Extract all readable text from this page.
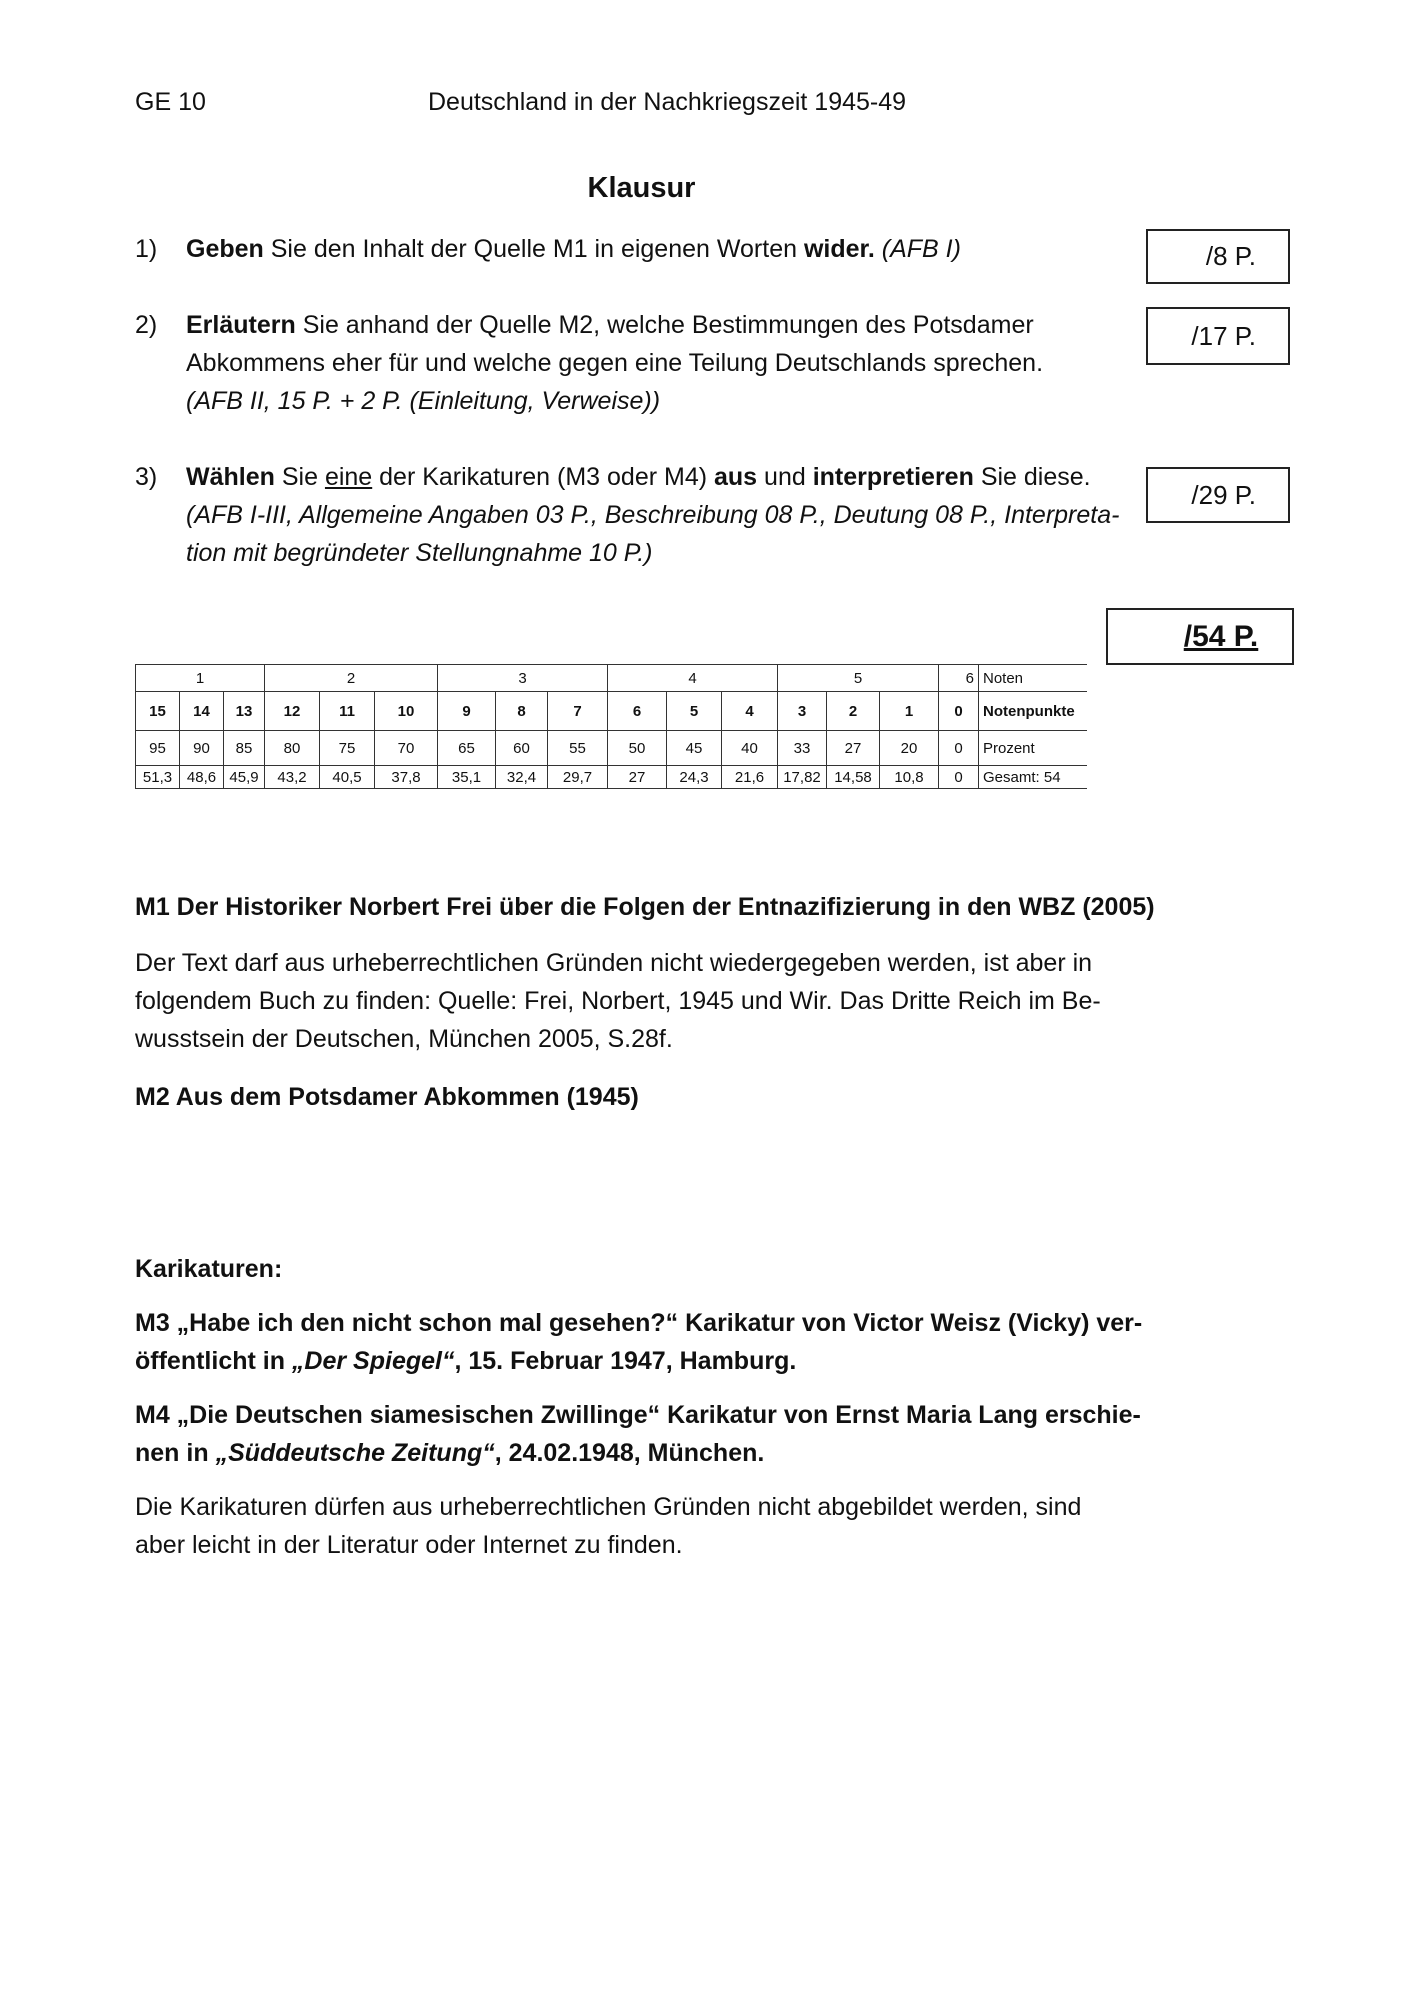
GE 10	Deutschland in der Nachkriegszeit 1945-49
Klausur
1) Geben Sie den Inhalt der Quelle M1 in eigenen Worten wider. (AFB I)	/8 P.
2) Erläutern Sie anhand der Quelle M2, welche Bestimmungen des Potsdamer
Abkommens eher für und welche gegen eine Teilung Deutschlands sprechen.
(AFB II, 15 P. + 2 P. (Einleitung, Verweise))
/17 P.
3) Wählen Sie eine der Karikaturen (M3 oder M4) aus und interpretieren Sie diese.
(AFB I-III, Allgemeine Angaben 03 P., Beschreibung 08 P., Deutung 08 P., Interpreta-
tion mit begründeter Stellungnahme 10 P.)
/29 P.
/54 P.
1			2			3			4			5			6	Noten
15	14	13	12	11	10	9	8	7	6	5	4	3	2	1	0	Notenpunkte
95	90	85	80	75	70	65	60	55	50	45	40	33	27	20	0	Prozent
51,3	48,6	45,9	43,2	40,5	37,8	35,1	32,4	29,7	27	24,3	21,6	17,82	14,58	10,8	0	Gesamt: 54
M1 Der Historiker Norbert Frei über die Folgen der Entnazifizierung in den WBZ (2005)
Der Text darf aus urheberrechtlichen Gründen nicht wiedergegeben werden, ist aber in
folgendem Buch zu finden: Quelle: Frei, Norbert, 1945 und Wir. Das Dritte Reich im Be-
wusstsein der Deutschen, München 2005, S.28f.
M2 Aus dem Potsdamer Abkommen (1945)
Karikaturen:
M3 „Habe ich den nicht schon mal gesehen?“ Karikatur von Victor Weisz (Vicky) ver-
öffentlicht in „Der Spiegel“, 15. Februar 1947, Hamburg.
M4 „Die Deutschen siamesischen Zwillinge“ Karikatur von Ernst Maria Lang erschie-
nen in „Süddeutsche Zeitung“, 24.02.1948, München.
Die Karikaturen dürfen aus urheberrechtlichen Gründen nicht abgebildet werden, sind
aber leicht in der Literatur oder Internet zu finden.
